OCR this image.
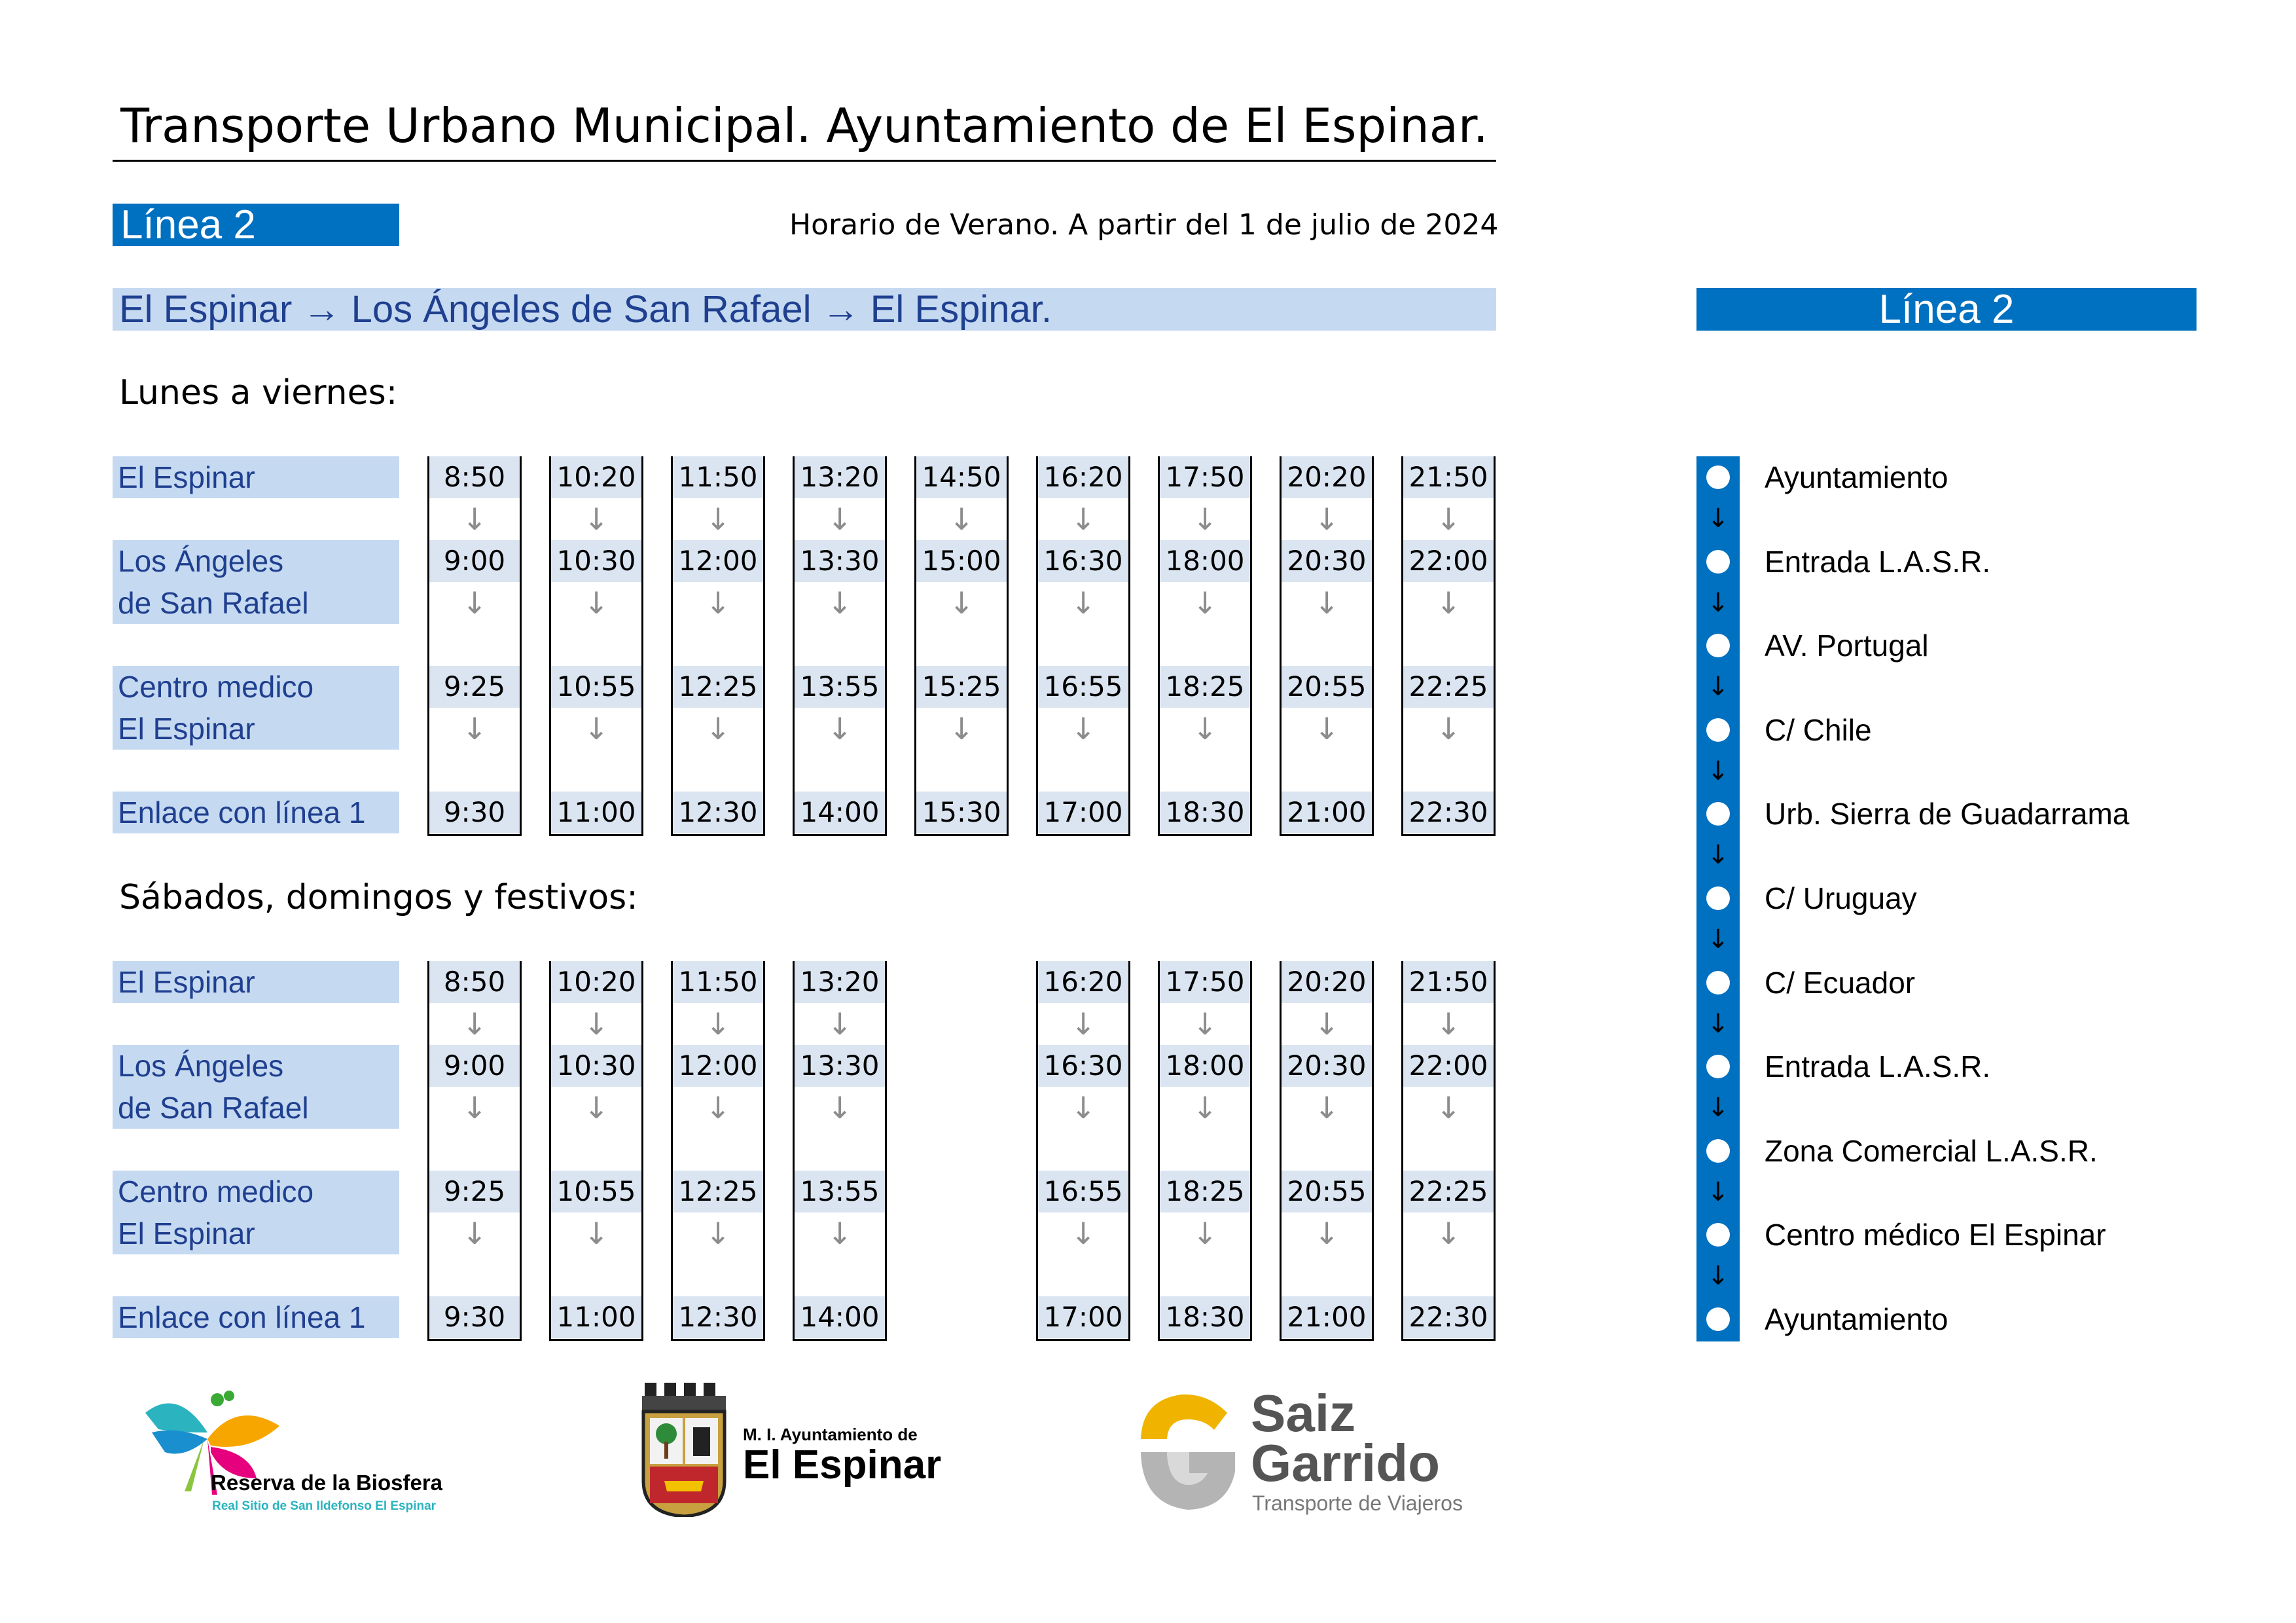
Transporte Urbano Municipal. Ayuntamiento de El Espinar.
Línea 2	Horario de Verano. A partir del 1 de julio de 2024
El Espinar → Los Ángeles de San Rafael → El Espinar.
Lunes a viernes:
El Espinar
Los Ángeles
de San Rafael
Centro medico
El Espinar
Enlace con línea 1
8:50
9:00
9:25
9:30
↓
↓
↓
10:20
10:30
10:55
11:00
↓
↓
↓
11:50
12:00
12:25
12:30
↓
↓
↓
13:20
13:30
13:55
14:00
↓
↓
↓
14:50
15:00
15:25
15:30
↓
↓
↓
16:20
16:30
16:55
17:00
↓
↓
↓
17:50
18:00
18:25
18:30
↓
↓
↓
20:20
20:30
20:55
21:00
↓
↓
↓
21:50
22:00
22:25
22:30
↓
↓
↓
Sábados, domingos y festivos:
El Espinar
Los Ángeles
de San Rafael
Centro medico
El Espinar
Enlace con línea 1
8:50
9:00
9:25
9:30
↓
↓
↓
10:20
10:30
10:55
11:00
↓
↓
↓
11:50
12:00
12:25
12:30
↓
↓
↓
13:20
13:30
13:55
14:00
↓
↓
↓
16:20
16:30
16:55
17:00
↓
↓
↓
17:50
18:00
18:25
18:30
↓
↓
↓
20:20
20:30
20:55
21:00
↓
↓
↓
21:50
22:00
22:25
22:30
↓
↓
↓
Línea 2
Ayuntamiento
↓
Entrada L.A.S.R.
↓
AV. Portugal
↓
C/ Chile
↓
Urb. Sierra de Guadarrama
↓
C/ Uruguay
↓
C/ Ecuador
↓
Entrada L.A.S.R.
↓
Zona Comercial L.A.S.R.
↓
Centro médico El Espinar
↓
Ayuntamiento
Reserva de la Biosfera
Real Sitio de San Ildefonso El Espinar
M. I. Ayuntamiento de
El Espinar
Saiz
Garrido
Transporte de Viajeros
